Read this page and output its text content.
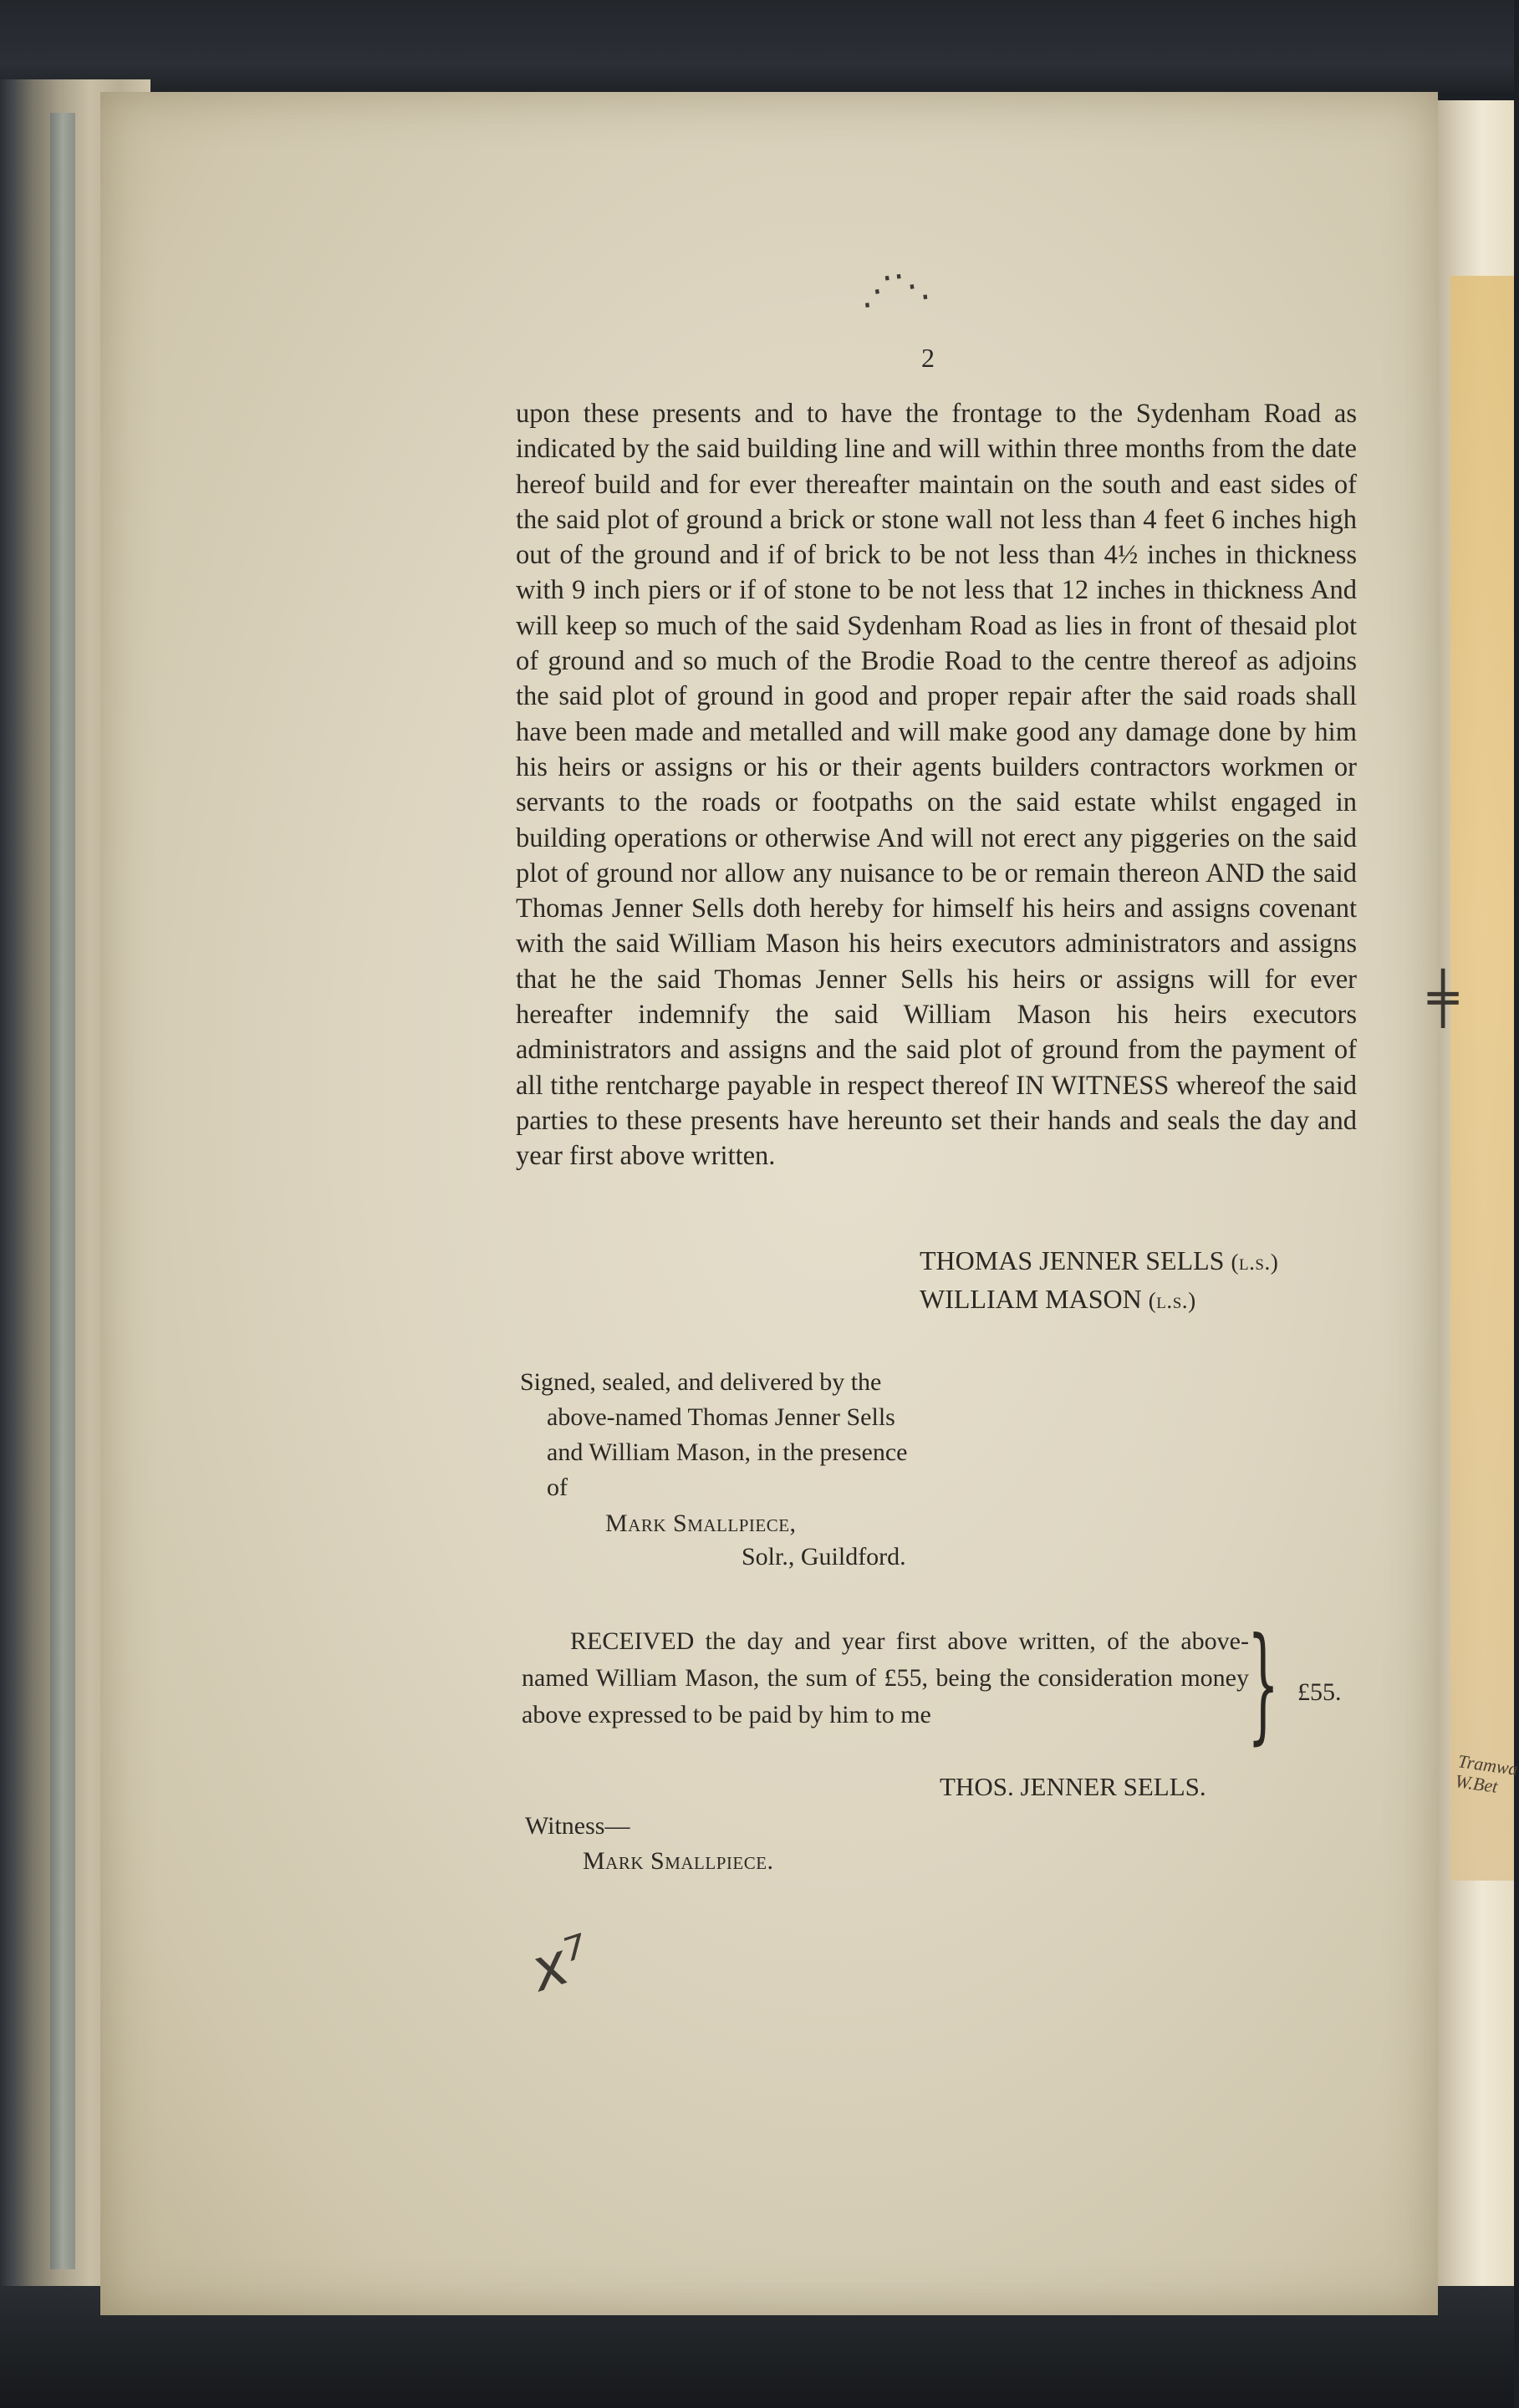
⋰⋱
2

upon these presents and to have the frontage to the Sydenham Road as indicated by the said building line and will within three months from the date hereof build and for ever thereafter maintain on the south and east sides of the said plot of ground a brick or stone wall not less than 4 feet 6 inches high out of the ground and if of brick to be not less than 4½ inches in thickness with 9 inch piers or if of stone to be not less that 12 inches in thickness And will keep so much of the said Sydenham Road as lies in front of thesaid plot of ground and so much of the Brodie Road to the centre thereof as adjoins the said plot of ground in good and proper repair after the said roads shall have been made and metalled and will make good any damage done by him his heirs or assigns or his or their agents builders contractors workmen or servants to the roads or footpaths on the said estate whilst engaged in building operations or otherwise And will not erect any piggeries on the said plot of ground nor allow any nuisance to be or remain thereon AND the said Thomas Jenner Sells doth hereby for himself his heirs and assigns covenant with the said William Mason his heirs executors administrators and assigns that he the said Thomas Jenner Sells his heirs or assigns will for ever hereafter indemnify the said William Mason his heirs executors administrators and assigns and the said plot of ground from the payment of all tithe rentcharge payable in respect thereof IN WITNESS whereof the said parties to these presents have hereunto set their hands and seals the day and year first above written.

THOMAS JENNER SELLS (l.s.)
WILLIAM MASON (l.s.)
Signed, sealed, and delivered by the
above-named Thomas Jenner Sells
and William Mason, in the presence
of
Mark Smallpiece,
Solr., Guildford.
RECEIVED the day and year first above written, of the above-named William Mason, the sum of £55, being the consideration money above expressed to be paid by him to me	} £55.
THOS. JENNER SELLS.
Witness—
Mark Smallpiece.
x⁷
╪
Tramwa
W.Bet
